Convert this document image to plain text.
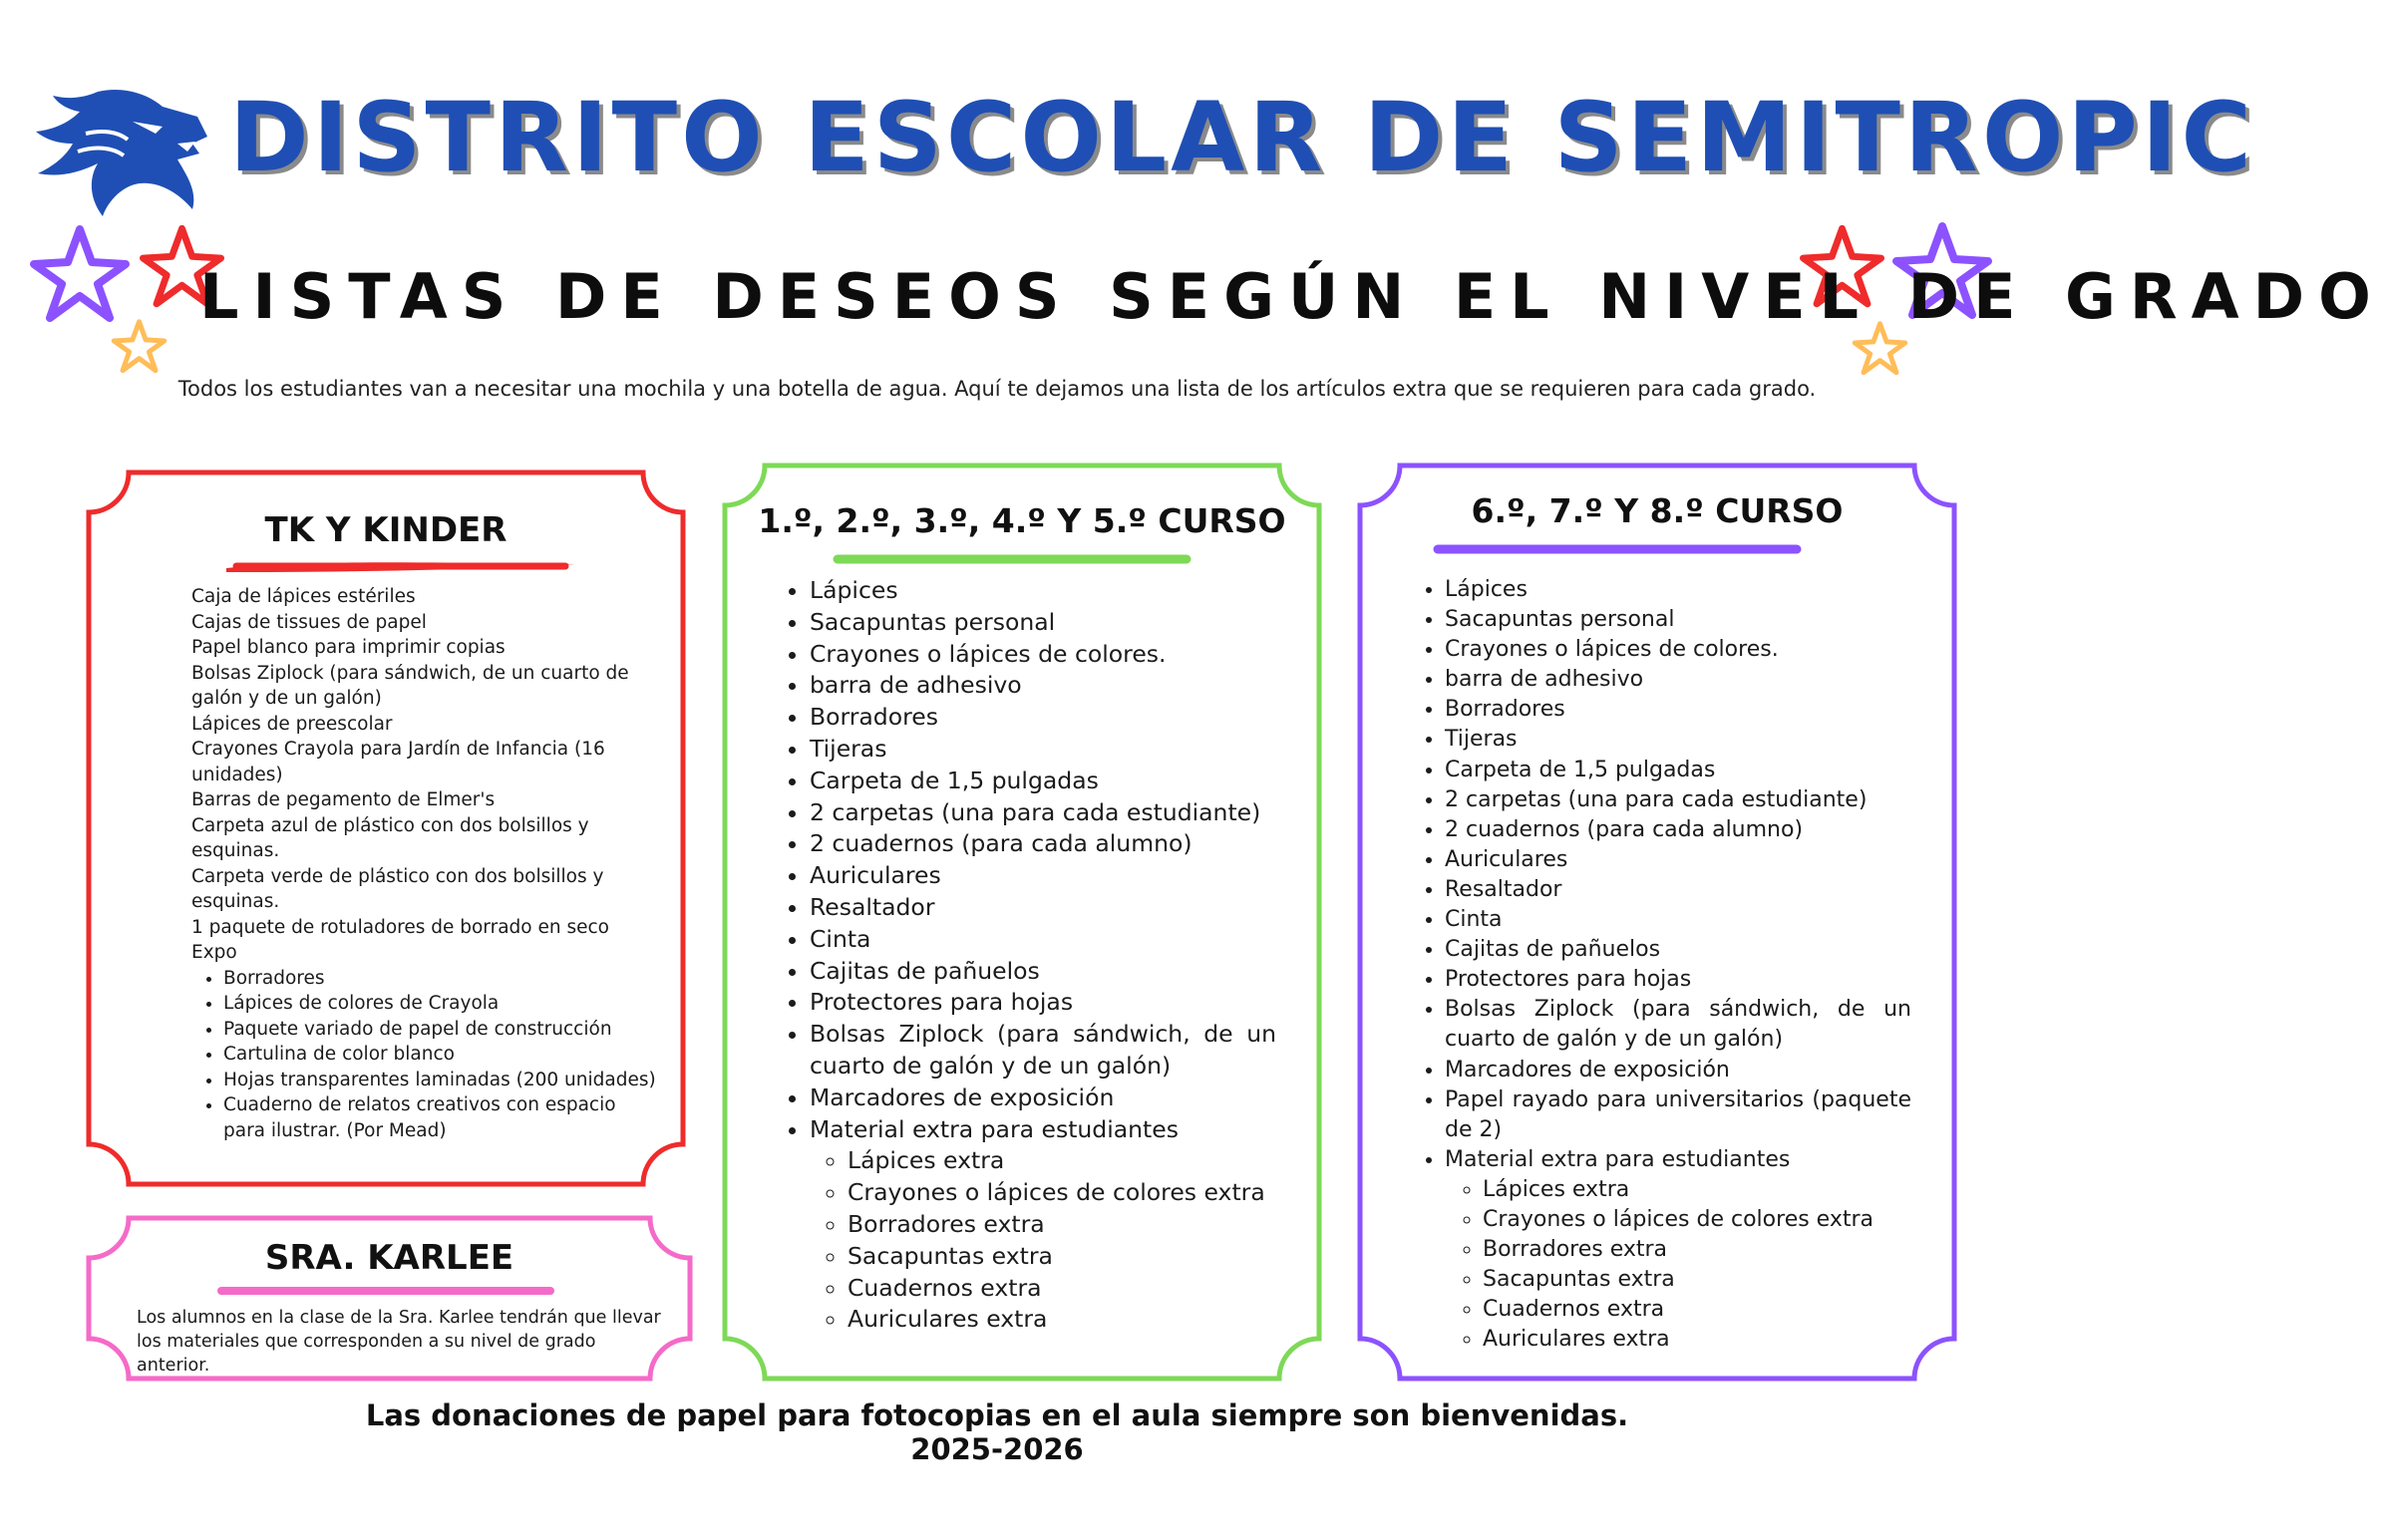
DISTRITO ESCOLAR DE SEMITROPIC
LISTAS DE DESEOS SEGÚN EL NIVEL DE GRADO

Todos los estudiantes van a necesitar una mochila y una botella de agua. Aquí te dejamos una lista de los artículos extra que se requieren para cada grado.

TK Y KINDER
Caja de lápices estériles
Cajas de tissues de papel
Papel blanco para imprimir copias
Bolsas Ziplock (para sándwich, de un cuarto de galón y de un galón)
Lápices de preescolar
Crayones Crayola para Jardín de Infancia (16 unidades)
Barras de pegamento de Elmer's
Carpeta azul de plástico con dos bolsillos y esquinas.
Carpeta verde de plástico con dos bolsillos y esquinas.
1 paquete de rotuladores de borrado en seco Expo
• Borradores
• Lápices de colores de Crayola
• Paquete variado de papel de construcción
• Cartulina de color blanco
• Hojas transparentes laminadas (200 unidades)
• Cuaderno de relatos creativos con espacio para ilustrar. (Por Mead)
SRA. KARLEE

Los alumnos en la clase de la Sra. Karlee tendrán que llevar los materiales que corresponden a su nivel de grado anterior.

1.º, 2.º, 3.º, 4.º Y 5.º CURSO
• Lápices
• Sacapuntas personal
• Crayones o lápices de colores.
• barra de adhesivo
• Borradores
• Tijeras
• Carpeta de 1,5 pulgadas
• 2 carpetas (una para cada estudiante)
• 2 cuadernos (para cada alumno)
• Auriculares
• Resaltador
• Cinta
• Cajitas de pañuelos
• Protectores para hojas
• Bolsas Ziplock (para sándwich, de un cuarto de galón y de un galón)
• Marcadores de exposición
• Material extra para estudiantes
◦ Lápices extra
◦ Crayones o lápices de colores extra
◦ Borradores extra
◦ Sacapuntas extra
◦ Cuadernos extra
◦ Auriculares extra
6.º, 7.º Y 8.º CURSO
• Lápices
• Sacapuntas personal
• Crayones o lápices de colores.
• barra de adhesivo
• Borradores
• Tijeras
• Carpeta de 1,5 pulgadas
• 2 carpetas (una para cada estudiante)
• 2 cuadernos (para cada alumno)
• Auriculares
• Resaltador
• Cinta
• Cajitas de pañuelos
• Protectores para hojas
• Bolsas Ziplock (para sándwich, de un cuarto de galón y de un galón)
• Marcadores de exposición
• Papel rayado para universitarios (paquete de 2)
• Material extra para estudiantes
◦ Lápices extra
◦ Crayones o lápices de colores extra
◦ Borradores extra
◦ Sacapuntas extra
◦ Cuadernos extra
◦ Auriculares extra

Las donaciones de papel para fotocopias en el aula siempre son bienvenidas.

2025-2026
